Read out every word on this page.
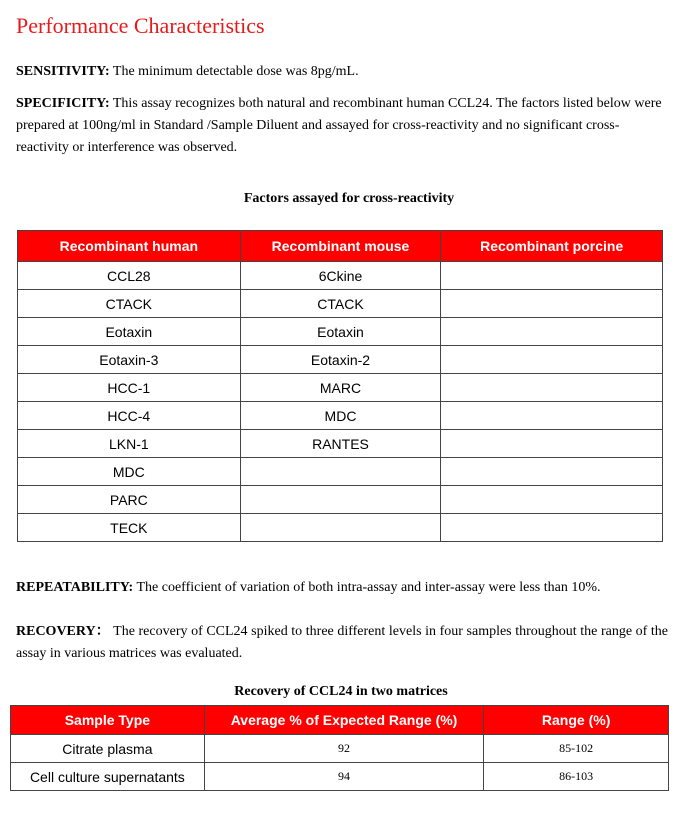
Performance Characteristics

SENSITIVITY: The minimum detectable dose was 8pg/mL.

SPECIFICITY: This assay recognizes both natural and recombinant human CCL24. The factors listed below were prepared at 100ng/ml in Standard /Sample Diluent and assayed for cross-reactivity and no significant cross-reactivity or interference was observed.

Factors assayed for cross-reactivity

Recombinant human	Recombinant mouse	Recombinant porcine
CCL28	6Ckine	
CTACK	CTACK	
Eotaxin	Eotaxin	
Eotaxin-3	Eotaxin-2	
HCC-1	MARC	
HCC-4	MDC	
LKN-1	RANTES	
MDC		
PARC		
TECK		

REPEATABILITY: The coefficient of variation of both intra-assay and inter-assay were less than 10%.

RECOVERY： The recovery of CCL24 spiked to three different levels in four samples throughout the range of the assay in various matrices was evaluated.

Recovery of CCL24 in two matrices

Sample Type	Average % of Expected Range (%)	Range (%)
Citrate plasma	92	85-102
Cell culture supernatants	94	86-103
